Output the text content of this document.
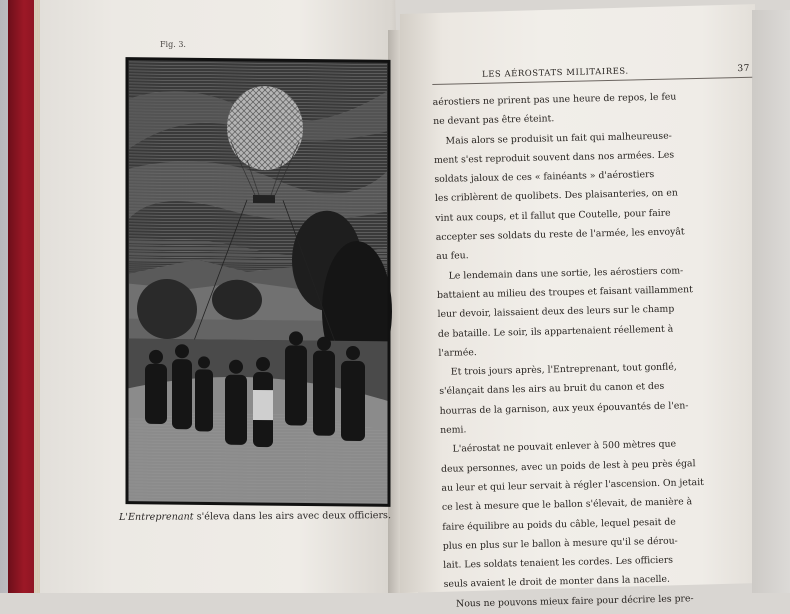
Fig. 3.
L'Entreprenant s'éleva dans les airs avec deux officiers.
LES AÉROSTATS MILITAIRES.	37
aérostiers ne prirent pas une heure de repos, le feu
ne devant pas être éteint.
Mais alors se produisit un fait qui malheureuse-
ment s'est reproduit souvent dans nos armées. Les
soldats jaloux de ces « fainéants » d'aérostiers
les criblèrent de quolibets. Des plaisanteries, on en
vint aux coups, et il fallut que Coutelle, pour faire
accepter ses soldats du reste de l'armée, les envoyât
au feu.
Le lendemain dans une sortie, les aérostiers com-
battaient au milieu des troupes et faisant vaillamment
leur devoir, laissaient deux des leurs sur le champ
de bataille. Le soir, ils appartenaient réellement à
l'armée.
Et trois jours après, l'Entreprenant, tout gonflé,
s'élançait dans les airs au bruit du canon et des
hourras de la garnison, aux yeux épouvantés de l'en-
nemi.
L'aérostat ne pouvait enlever à 500 mètres que
deux personnes, avec un poids de lest à peu près égal
au leur et qui leur servait à régler l'ascension. On jetait
ce lest à mesure que le ballon s'élevait, de manière à
faire équilibre au poids du câble, lequel pesait de
plus en plus sur le ballon à mesure qu'il se dérou-
lait. Les soldats tenaient les cordes. Les officiers
seuls avaient le droit de monter dans la nacelle.
Nous ne pouvons mieux faire pour décrire les pre-
